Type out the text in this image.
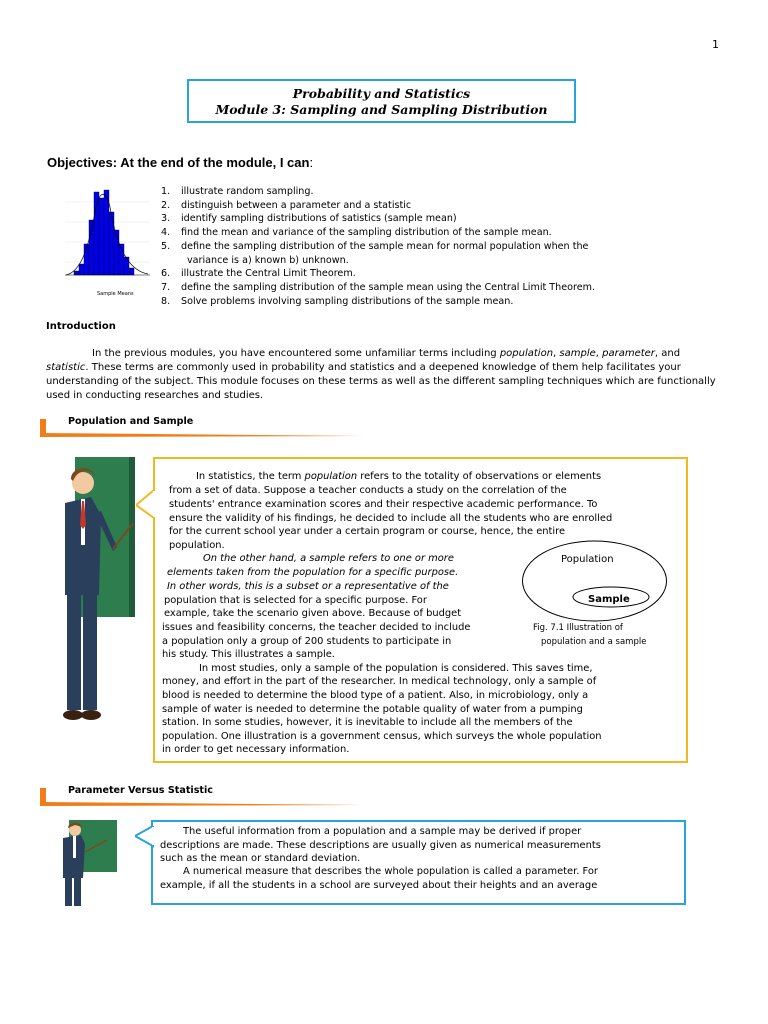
1
Probability and Statistics
Module 3: Sampling and Sampling Distribution
Objectives: At the end of the module, I can:
Sample Means
1. illustrate random sampling.
2. distinguish between a parameter and a statistic
3. identify sampling distributions of satistics (sample mean)
4. find the mean and variance of the sampling distribution of the sample mean.
5. define the sampling distribution of the sample mean for normal population when the
variance is a) known b) unknown.
6. illustrate the Central Limit Theorem.
7. define the sampling distribution of the sample mean using the Central Limit Theorem.
8. Solve problems involving sampling distributions of the sample mean.
Introduction
In the previous modules, you have encountered some unfamiliar terms including population, sample, parameter, and statistic. These terms are commonly used in probability and statistics and a deepened knowledge of them help facilitates your understanding of the subject. This module focuses on these terms as well as the different sampling techniques which are functionally used in conducting researches and studies.
Population and Sample
In statistics, the term population refers to the totality of observations or elements
from a set of data. Suppose a teacher conducts a study on the correlation of the
students' entrance examination scores and their respective academic performance. To
ensure the validity of his findings, he decided to include all the students who are enrolled
for the current school year under a certain program or course, hence, the entire
population.
On the other hand, a sample refers to one or more
elements taken from the population for a specific purpose.
In other words, this is a subset or a representative of the
population that is selected for a specific purpose. For
example, take the scenario given above. Because of budget
issues and feasibility concerns, the teacher decided to include
a population only a group of 200 students to participate in
his study. This illustrates a sample.
In most studies, only a sample of the population is considered. This saves time,
money, and effort in the part of the researcher. In medical technology, only a sample of
blood is needed to determine the blood type of a patient. Also, in microbiology, only a
sample of water is needed to determine the potable quality of water from a pumping
station. In some studies, however, it is inevitable to include all the members of the
population. One illustration is a government census, which surveys the whole population
in order to get necessary information.
Population
Sample
Fig. 7.1 Illustration of
population and a sample
Parameter Versus Statistic
The useful information from a population and a sample may be derived if proper
descriptions are made. These descriptions are usually given as numerical measurements
such as the mean or standard deviation.
A numerical measure that describes the whole population is called a parameter. For
example, if all the students in a school are surveyed about their heights and an average
